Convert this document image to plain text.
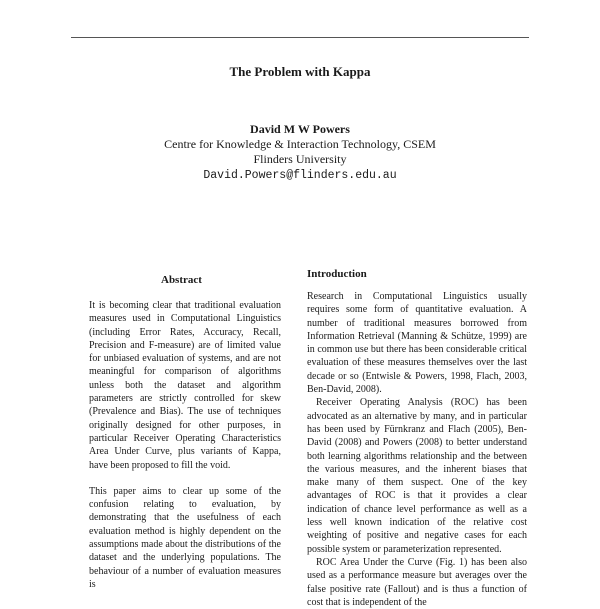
The Problem with Kappa
David M W Powers
Centre for Knowledge & Interaction Technology, CSEM
Flinders University
David.Powers@flinders.edu.au
Abstract	Introduction

It is becoming clear that traditional evaluation measures used in Computational Linguistics (including Error Rates, Accuracy, Recall, Precision and F-measure) are of limited value for unbiased evaluation of systems, and are not meaningful for comparison of algorithms unless both the dataset and algorithm parameters are strictly controlled for skew (Prevalence and Bias). The use of techniques originally designed for other purposes, in particular Receiver Operating Characteristics Area Under Curve, plus variants of Kappa, have been proposed to fill the void.

This paper aims to clear up some of the confusion relating to evaluation, by demonstrating that the usefulness of each evaluation method is highly dependent on the assumptions made about the distributions of the dataset and the underlying populations. The behaviour of a number of evaluation measures is

Research in Computational Linguistics usually requires some form of quantitative evaluation. A number of traditional measures borrowed from Information Retrieval (Manning & Schütze, 1999) are in common use but there has been considerable critical evaluation of these measures themselves over the last decade or so (Entwisle & Powers, 1998, Flach, 2003, Ben-David, 2008).

Receiver Operating Analysis (ROC) has been advocated as an alternative by many, and in particular has been used by Fürnkranz and Flach (2005), Ben-David (2008) and Powers (2008) to better understand both learning algorithms relationship and the between the various measures, and the inherent biases that make many of them suspect. One of the key advantages of ROC is that it provides a clear indication of chance level performance as well as a less well known indication of the relative cost weighting of positive and negative cases for each possible system or parameterization represented.

ROC Area Under the Curve (Fig. 1) has been also used as a performance measure but averages over the false positive rate (Fallout) and is thus a function of cost that is independent of the
